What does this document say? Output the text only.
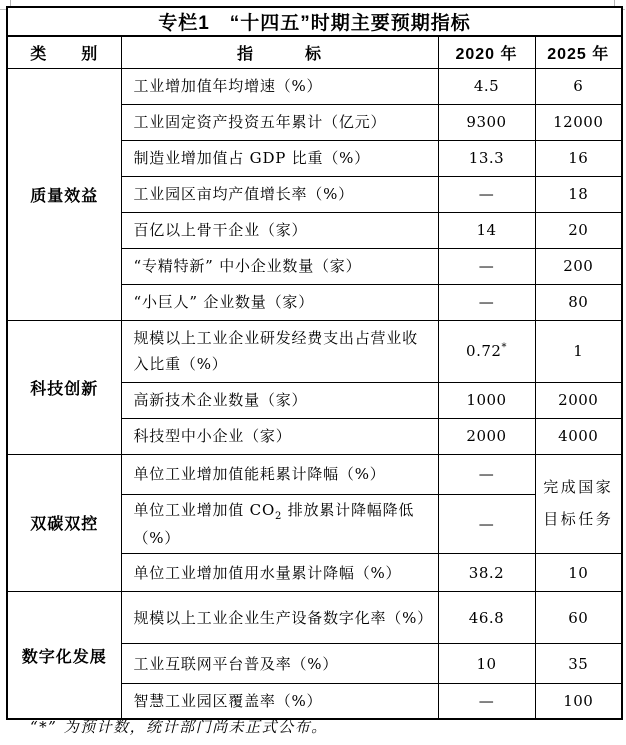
专栏1　“十四五”时期主要预期指标			
类　　别	指　　　标	2020 年	2025 年
质量效益	工业增加值年均增速（%）	4.5	6
	工业固定资产投资五年累计（亿元）	9300	12000
	制造业增加值占 GDP 比重（%）	13.3	16
	工业园区亩均产值增长率（%）	—	18
	百亿以上骨干企业（家）	14	20
	“专精特新” 中小企业数量（家）	—	200
	“小巨人” 企业数量（家）	—	80
科技创新	规模以上工业企业研发经费支出占营业收入比重（%）	0.72*	1
	高新技术企业数量（家）	1000	2000
	科技型中小企业（家）	2000	4000
双碳双控	单位工业增加值能耗累计降幅（%）	—	完成国家目标任务
	单位工业增加值 $CO_2$ 排放累计降幅降低（%）	—	
	单位工业增加值用水量累计降幅（%）	38.2	10
数字化发展	规模以上工业企业生产设备数字化率（%）	46.8	60
	工业互联网平台普及率（%）	10	35
	智慧工业园区覆盖率（%）	—	100
“*” 为预计数，统计部门尚未正式公布。
